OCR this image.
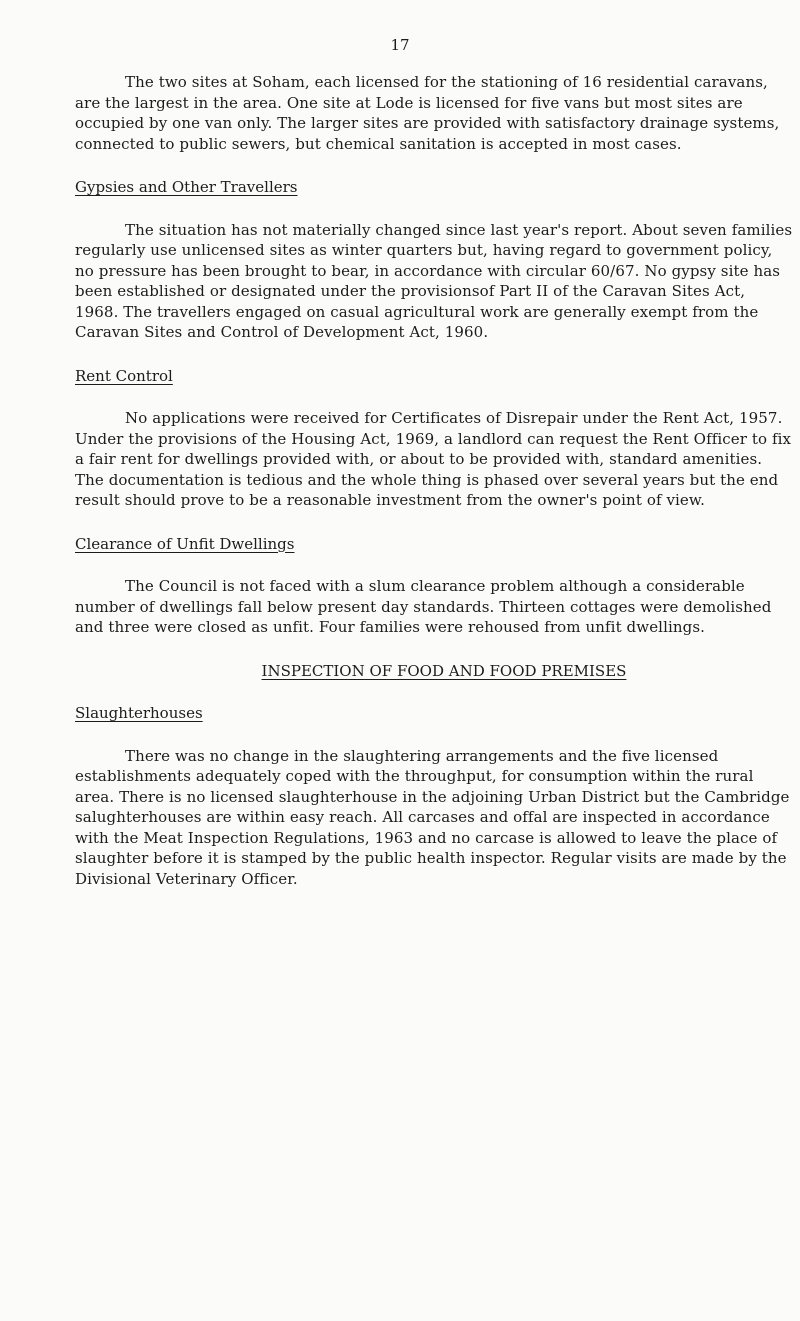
17

The two sites at Soham, each licensed for the stationing of 16 residential caravans, are the largest in the area. One site at Lode is licensed for five vans but most sites are occupied by one van only. The larger sites are provided with satisfactory drainage systems, connected to public sewers, but chemical sanitation is accepted in most cases.

Gypsies and Other Travellers

The situation has not materially changed since last year's report. About seven families regularly use unlicensed sites as winter quarters but, having regard to government policy, no pressure has been brought to bear, in accordance with circular 60/67. No gypsy site has been established or designated under the provisionsof Part II of the Caravan Sites Act, 1968. The travellers engaged on casual agricultural work are generally exempt from the Caravan Sites and Control of Development Act, 1960.

Rent Control

No applications were received for Certificates of Disrepair under the Rent Act, 1957. Under the provisions of the Housing Act, 1969, a landlord can request the Rent Officer to fix a fair rent for dwellings provided with, or about to be provided with, standard amenities. The documentation is tedious and the whole thing is phased over several years but the end result should prove to be a reasonable investment from the owner's point of view.

Clearance of Unfit Dwellings

The Council is not faced with a slum clearance problem although a considerable number of dwellings fall below present day standards. Thirteen cottages were demolished and three were closed as unfit. Four families were rehoused from unfit dwellings.

INSPECTION OF FOOD AND FOOD PREMISES
Slaughterhouses

There was no change in the slaughtering arrangements and the five licensed establishments adequately coped with the throughput, for consumption within the rural area. There is no licensed slaughterhouse in the adjoining Urban District but the Cambridge salughterhouses are within easy reach. All carcases and offal are inspected in accordance with the Meat Inspection Regulations, 1963 and no carcase is allowed to leave the place of slaughter before it is stamped by the public health inspector. Regular visits are made by the Divisional Veterinary Officer.
